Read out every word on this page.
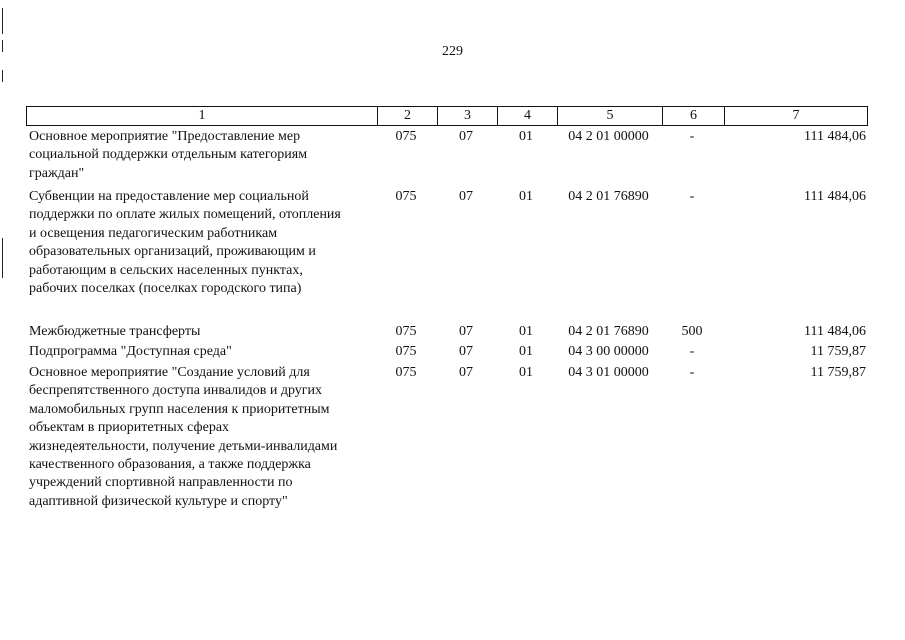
229
1	2	3	4	5	6	7
Основное мероприятие "Предоставление мер
социальной поддержки отдельным категориям
граждан"
075	07	01	04 2 01 00000	-	111 484,06
Субвенции на предоставление мер социальной
поддержки по оплате жилых помещений, отопления
и освещения педагогическим работникам
образовательных организаций, проживающим и
работающим в сельских населенных пунктах,
рабочих поселках (поселках городского типа)
075	07	01	04 2 01 76890	-	111 484,06
Межбюджетные трансферты	075	07	01	04 2 01 76890	500	111 484,06
Подпрограмма "Доступная среда"	075	07	01	04 3 00 00000	-	11 759,87
Основное мероприятие "Создание условий для
беспрепятственного доступа инвалидов и других
маломобильных групп населения к приоритетным
объектам в приоритетных сферах
жизнедеятельности, получение детьми-инвалидами
качественного образования, а также поддержка
учреждений спортивной направленности по
адаптивной физической культуре и спорту"
075	07	01	04 3 01 00000	-	11 759,87
